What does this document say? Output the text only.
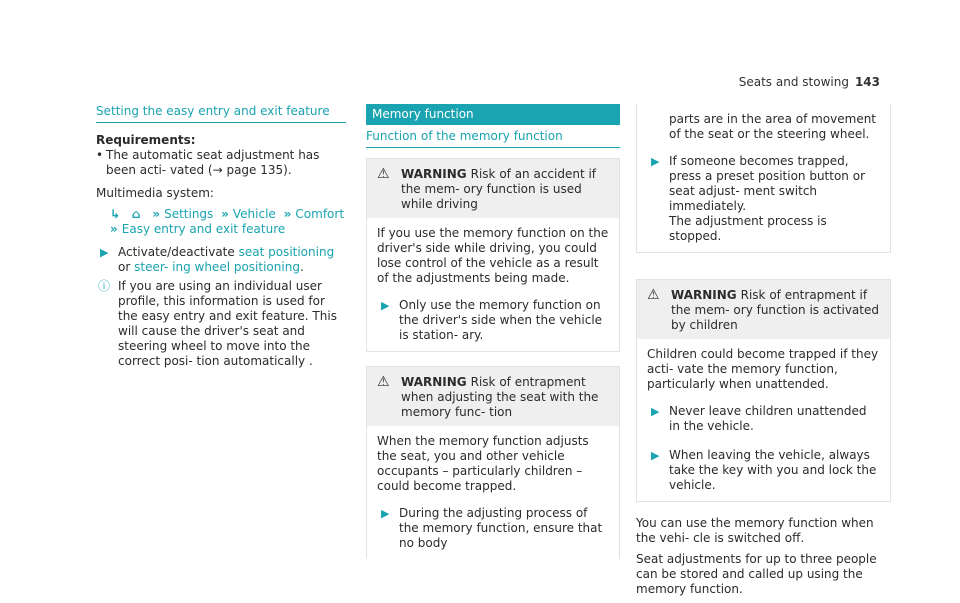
Seats and stowing 143
Setting the easy entry and exit feature
Requirements:
• The automatic seat adjustment has been acti- vated (→ page 135).

Multimedia system:

↳ ⌂ » Settings » Vehicle » Comfort
» Easy entry and exit feature
▶ Activate/deactivate seat positioning or steer- ing wheel positioning.
ⓘ If you are using an individual user profile, this information is used for the easy entry and exit feature. This will cause the driver's seat and steering wheel to move into the correct posi- tion automatically .
Memory function
Function of the memory function
⚠ WARNING Risk of an accident if the mem- ory function is used while driving
If you use the memory function on the driver's side while driving, you could lose control of the vehicle as a result of the adjustments being made.
▶ Only use the memory function on the driver's side when the vehicle is station- ary.
⚠ WARNING Risk of entrapment when adjusting the seat with the memory func- tion
When the memory function adjusts the seat, you and other vehicle occupants – particularly children – could become trapped.
▶ During the adjusting process of the memory function, ensure that no body
parts are in the area of movement of the seat or the steering wheel.
▶ If someone becomes trapped, press a preset position button or seat adjust- ment switch immediately.
The adjustment process is stopped.
⚠ WARNING Risk of entrapment if the mem- ory function is activated by children
Children could become trapped if they acti- vate the memory function, particularly when unattended.
▶ Never leave children unattended in the vehicle.
▶ When leaving the vehicle, always take the key with you and lock the vehicle.

You can use the memory function when the vehi- cle is switched off.

Seat adjustments for up to three people can be stored and called up using the memory function.
